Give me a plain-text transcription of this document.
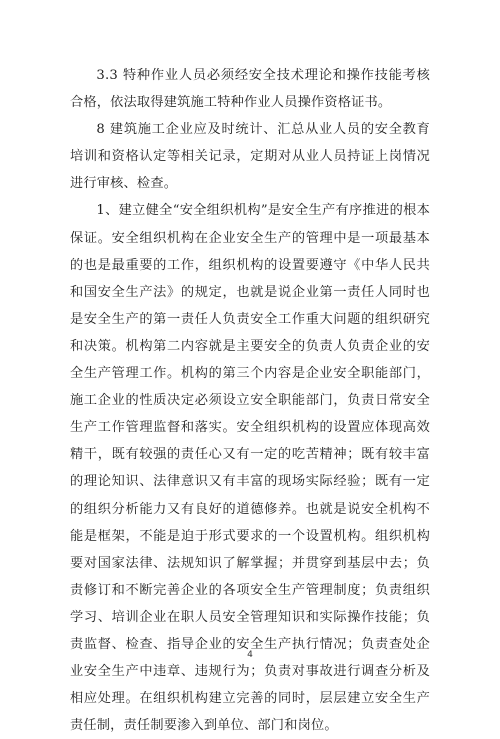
3.3 特种作业人员必须经安全技术理论和操作技能考核合格，依法取得建筑施工特种作业人员操作资格证书。

8 建筑施工企业应及时统计、汇总从业人员的安全教育培训和资格认定等相关记录，定期对从业人员持证上岗情况进行审核、检查。

1、建立健全“安全组织机构”是安全生产有序推进的根本保证。安全组织机构在企业安全生产的管理中是一项最基本的也是最重要的工作，组织机构的设置要遵守《中华人民共和国安全生产法》的规定，也就是说企业第一责任人同时也是安全生产的第一责任人负责安全工作重大问题的组织研究和决策。机构第二内容就是主要安全的负责人负责企业的安全生产管理工作。机构的第三个内容是企业安全职能部门，施工企业的性质决定必须设立安全职能部门，负责日常安全生产工作管理监督和落实。安全组织机构的设置应体现高效精干，既有较强的责任心又有一定的吃苦精神；既有较丰富的理论知识、法律意识又有丰富的现场实际经验；既有一定的组织分析能力又有良好的道德修养。也就是说安全机构不能是框架，不能是迫于形式要求的一个设置机构。组织机构要对国家法律、法规知识了解掌握；并贯穿到基层中去；负责修订和不断完善企业的各项安全生产管理制度；负责组织学习、培训企业在职人员安全管理知识和实际操作技能；负责监督、检查、指导企业的安全生产执行情况；负责查处企业安全生产中违章、违规行为；负责对事故进行调查分析及相应处理。在组织机构建立完善的同时，层层建立安全生产责任制，责任制要渗入到单位、部门和岗位。

4
